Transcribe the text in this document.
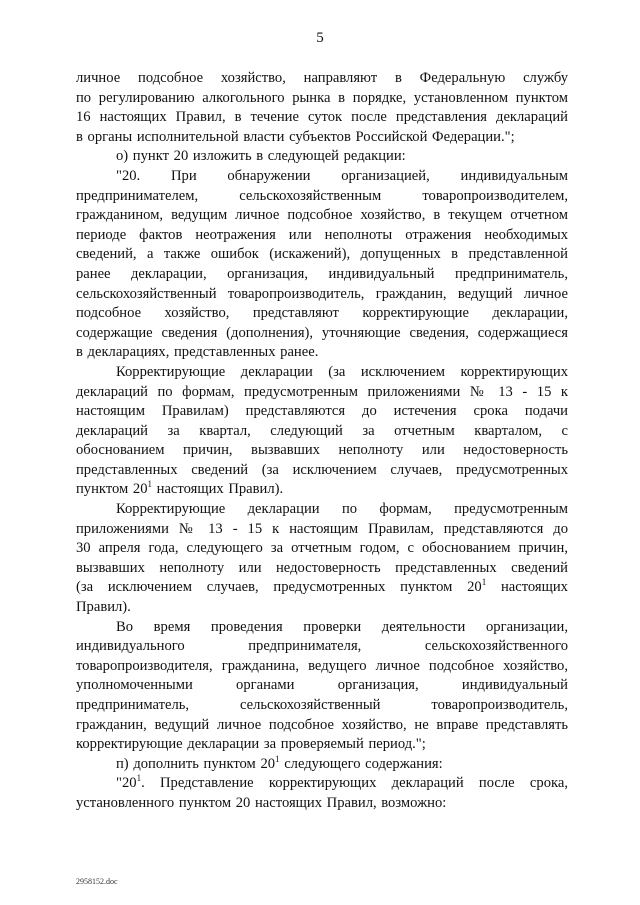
5

личное подсобное хозяйство, направляют в Федеральную службу

по регулированию алкогольного рынка в порядке, установленном пунктом

16 настоящих Правил, в течение суток после представления деклараций

в органы исполнительной власти субъектов Российской Федерации.";

о) пункт 20 изложить в следующей редакции:

"20. При обнаружении организацией, индивидуальным

предпринимателем, сельскохозяйственным товаропроизводителем,

гражданином, ведущим личное подсобное хозяйство, в текущем отчетном

периоде фактов неотражения или неполноты отражения необходимых

сведений, а также ошибок (искажений), допущенных в представленной

ранее декларации, организация, индивидуальный предприниматель,

сельскохозяйственный товаропроизводитель, гражданин, ведущий личное

подсобное хозяйство, представляют корректирующие декларации,

содержащие сведения (дополнения), уточняющие сведения, содержащиеся

в декларациях, представленных ранее.

Корректирующие декларации (за исключением корректирующих

деклараций по формам, предусмотренным приложениями № 13 - 15 к

настоящим Правилам) представляются до истечения срока подачи

деклараций за квартал, следующий за отчетным кварталом, с

обоснованием причин, вызвавших неполноту или недостоверность

представленных сведений (за исключением случаев, предусмотренных

пунктом $20^1$ настоящих Правил).

Корректирующие декларации по формам, предусмотренным

приложениями № 13 - 15 к настоящим Правилам, представляются до

30 апреля года, следующего за отчетным годом, с обоснованием причин,

вызвавших неполноту или недостоверность представленных сведений

(за исключением случаев, предусмотренных пунктом $20^1$ настоящих

Правил).

Во время проведения проверки деятельности организации,

индивидуального предпринимателя, сельскохозяйственного

товаропроизводителя, гражданина, ведущего личное подсобное хозяйство,

уполномоченными органами организация, индивидуальный

предприниматель, сельскохозяйственный товаропроизводитель,

гражданин, ведущий личное подсобное хозяйство, не вправе представлять

корректирующие декларации за проверяемый период.";

п) дополнить пунктом $20^1$ следующего содержания:

"$20^1$. Представление корректирующих деклараций после срока,

установленного пунктом 20 настоящих Правил, возможно:

2958152.doc
